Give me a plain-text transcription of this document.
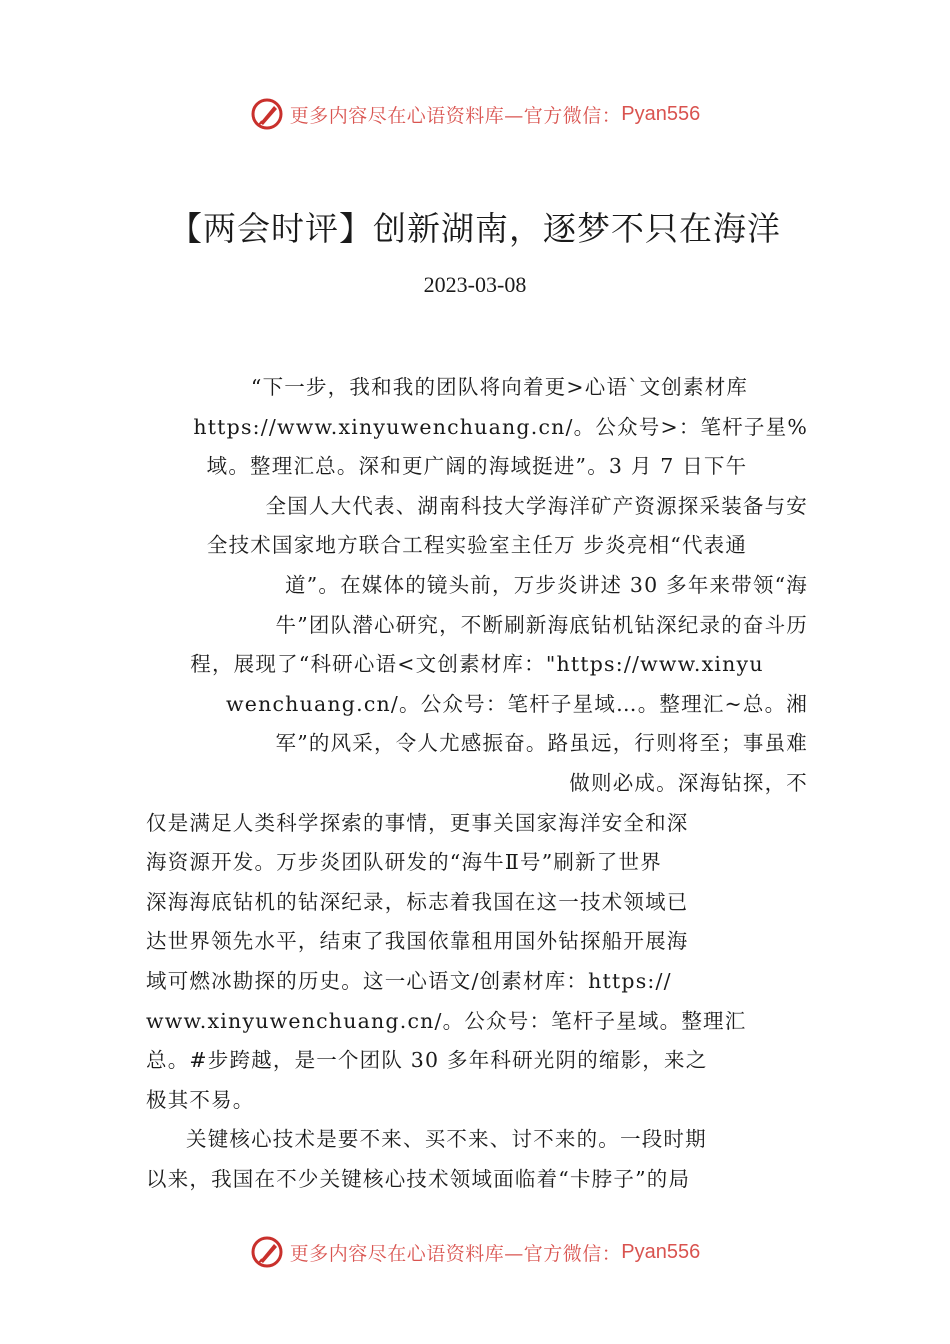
更多内容尽在心语资料库—官方微信： Pyan556
【两会时评】创新湖南，逐梦不只在海洋
2023-03-08
“下一步，我和我的团队将向着更>心语`文创素材库
https://www.xinyuwenchuang.cn/。公众号>：笔杆子星%
域。整理汇总。深和更广阔的海域挺进”。3 月 7 日下午
全国人大代表、湖南科技大学海洋矿产资源探采装备与安
全技术国家地方联合工程实验室主任万 步炎亮相“代表通
道”。在媒体的镜头前，万步炎讲述 30 多年来带领“海
牛”团队潜心研究，不断刷新海底钻机钻深纪录的奋斗历
程，展现了“科研心语<文创素材库："https://www.xinyu
wenchuang.cn/。公众号：笔杆子星域…。整理汇~总。湘
军”的风采，令人尤感振奋。路虽远，行则将至；事虽难
做则必成。深海钻探，不
仅是满足人类科学探索的事情，更事关国家海洋安全和深
海资源开发。万步炎团队研发的“海牛Ⅱ号”刷新了世界
深海海底钻机的钻深纪录，标志着我国在这一技术领域已
达世界领先水平，结束了我国依靠租用国外钻探船开展海
域可燃冰勘探的历史。这一心语文/创素材库：https://
www.xinyuwenchuang.cn/。公众号：笔杆子星域。整理汇
总。#步跨越，是一个团队 30 多年科研光阴的缩影，来之
极其不易。
关键核心技术是要不来、买不来、讨不来的。一段时期
以来，我国在不少关键核心技术领域面临着“卡脖子”的局
更多内容尽在心语资料库—官方微信： Pyan556
